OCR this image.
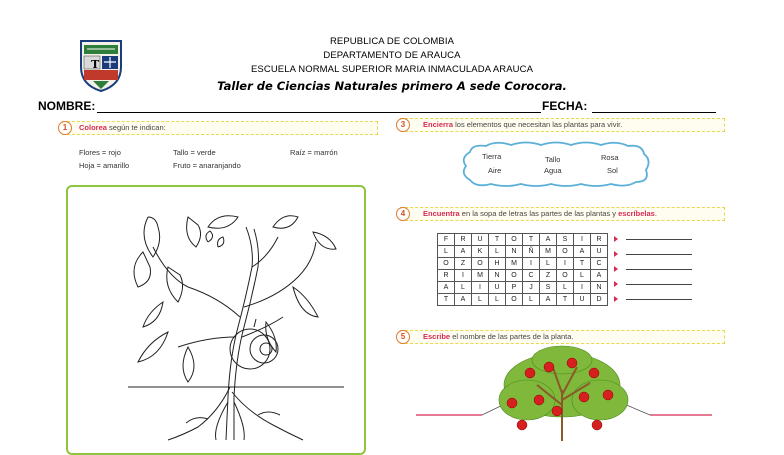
T
REPUBLICA DE COLOMBIA
DEPARTAMENTO DE ARAUCA
ESCUELA NORMAL SUPERIOR MARIA INMACULADA ARAUCA
Taller de Ciencias Naturales primero A sede Corocora.
NOMBRE:	FECHA:
1	Colorea según te indican:
Flores = rojo	Tallo = verde	Raíz = marrón
Hoja = amarillo	Fruto = anaranjando
3	Encierra los elementos que necesitan las plantas para vivir.
Tierra	Tallo	Rosa
Aire	Agua	Sol
4	Encuentra en la sopa de letras las partes de las plantas y escríbelas.
F	R	U	T	O	T	A	S	I	R
L	A	K	L	N	Ñ	M	O	A	U
O	Z	O	H	M	I	L	I	T	C
R	I	M	N	O	C	Z	O	L	A
A	L	I	U	P	J	S	L	I	N
T	A	L	L	O	L	A	T	U	D
5	Escribe el nombre de las partes de la planta.
